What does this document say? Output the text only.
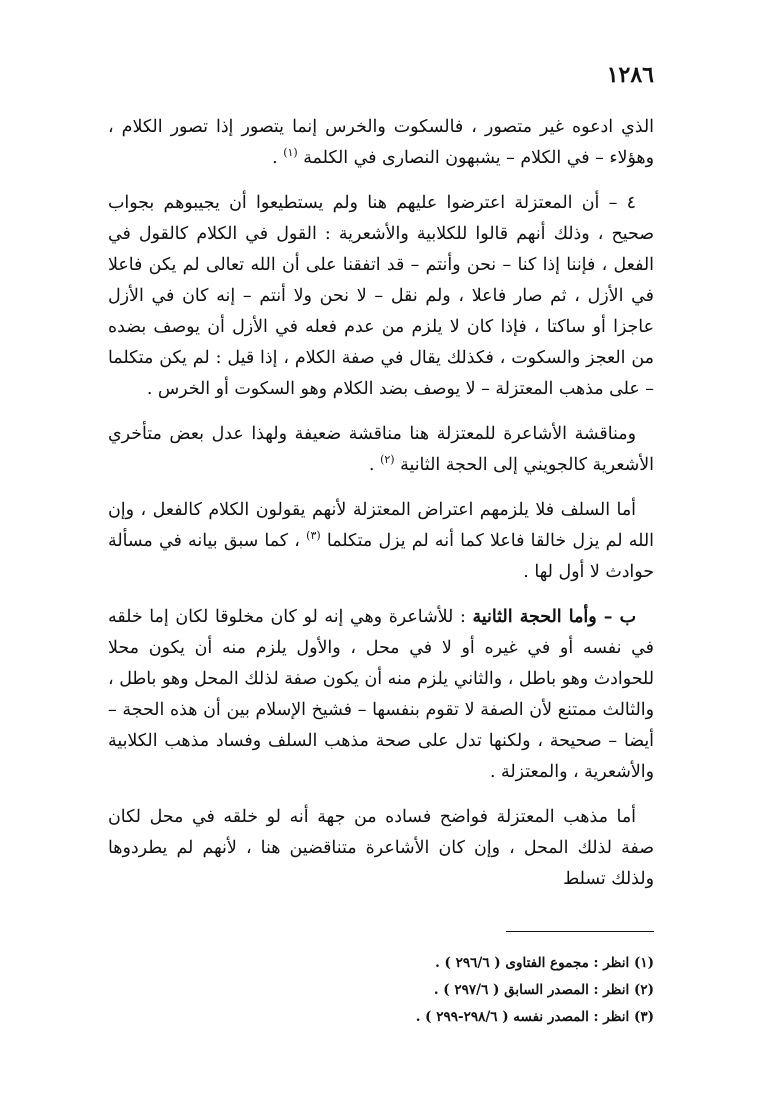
١٢٨٦

الذي ادعوه غير متصور ، فالسكوت والخرس إنما يتصور إذا تصور الكلام ، وهؤلاء – في الكلام – يشبهون النصارى في الكلمة $^{(١)}$ .

٤ – أن المعتزلة اعترضوا عليهم هنا ولم يستطيعوا أن يجيبوهم بجواب صحيح ، وذلك أنهم قالوا للكلابية والأشعرية : القول في الكلام كالقول في الفعل ، فإننا إذا كنا – نحن وأنتم – قد اتفقنا على أن الله تعالى لم يكن فاعلا في الأزل ، ثم صار فاعلا ، ولم نقل – لا نحن ولا أنتم – إنه كان في الأزل عاجزا أو ساكتا ، فإذا كان لا يلزم من عدم فعله في الأزل أن يوصف بضده من العجز والسكوت ، فكذلك يقال في صفة الكلام ، إذا قيل : لم يكن متكلما – على مذهب المعتزلة – لا يوصف بضد الكلام وهو السكوت أو الخرس .

ومناقشة الأشاعرة للمعتزلة هنا مناقشة ضعيفة ولهذا عدل بعض متأخري الأشعرية كالجويني إلى الحجة الثانية $^{(٢)}$ .

أما السلف فلا يلزمهم اعتراض المعتزلة لأنهم يقولون الكلام كالفعل ، وإن الله لم يزل خالقا فاعلا كما أنه لم يزل متكلما $^{(٣)}$ ، كما سبق بيانه في مسألة حوادث لا أول لها .

ب – وأما الحجة الثانية : للأشاعرة وهي إنه لو كان مخلوقا لكان إما خلقه في نفسه أو في غيره أو لا في محل ، والأول يلزم منه أن يكون محلا للحوادث وهو باطل ، والثاني يلزم منه أن يكون صفة لذلك المحل وهو باطل ، والثالث ممتنع لأن الصفة لا تقوم بنفسها – فشيخ الإسلام بين أن هذه الحجة – أيضا – صحيحة ، ولكنها تدل على صحة مذهب السلف وفساد مذهب الكلابية والأشعرية ، والمعتزلة .

أما مذهب المعتزلة فواضح فساده من جهة أنه لو خلقه في محل لكان صفة لذلك المحل ، وإن كان الأشاعرة متناقضين هنا ، لأنهم لم يطردوها ولذلك تسلط

(١) انظر : مجموع الفتاوى ( ٢٩٦/٦ ) .

(٢) انظر : المصدر السابق ( ٢٩٧/٦ ) .

(٣) انظر : المصدر نفسه ( ٢٩٨/٦-٢٩٩ ) .
